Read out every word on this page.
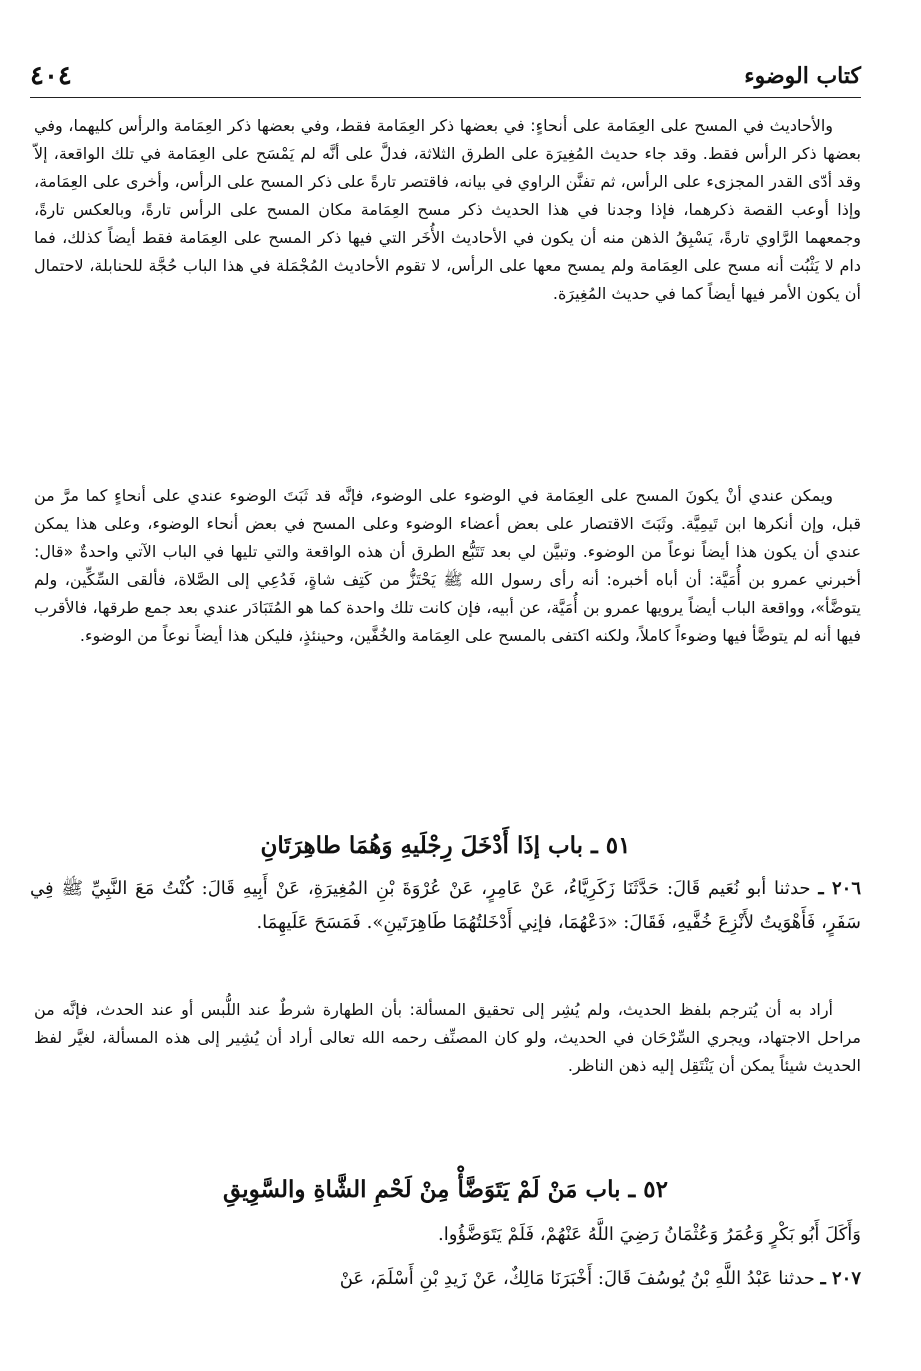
كتاب الوضوء
٤٠٤

والأحاديث في المسح على العِمَامة على أنحاءٍ: في بعضها ذكر العِمَامة فقط، وفي بعضها ذكر العِمَامة والرأس كليهما، وفي بعضها ذكر الرأس فقط. وقد جاء حديث المُغِيرَة على الطرق الثلاثة، فدلَّ على أنَّه لم يَمْسَح على العِمَامة في تلك الواقعة، إلاّ وقد أدّى القدر المجزىء على الرأس، ثم تفنَّن الراوي في بيانه، فاقتصر تارةً على ذكر المسح على الرأس، وأخرى على العِمَامة، وإذا أوعب القصة ذكرهما، فإذا وجدنا في هذا الحديث ذكر مسح العِمَامة مكان المسح على الرأس تارةً، وبالعكس تارةً، وجمعهما الرَّاوي تارةً، يَسْبِقُ الذهن منه أن يكون في الأحاديث الأُخَر التي فيها ذكر المسح على العِمَامة فقط أيضاً كذلك، فما دام لا يَثْبُت أنه مسح على العِمَامة ولم يمسح معها على الرأس، لا تقوم الأحاديث المُجْمَلة في هذا الباب حُجَّة للحنابلة، لاحتمال أن يكون الأمر فيها أيضاً كما في حديث المُغِيرَة.

ويمكن عندي أنْ يكونَ المسح على العِمَامة في الوضوء على الوضوء، فإنَّه قد ثَبَتَ الوضوء عندي على أنحاءٍ كما مرَّ من قبل، وإن أنكرها ابن تَيمِيَّة. وثَبَتَ الاقتصار على بعض أعضاء الوضوء وعلى المسح في بعض أنحاء الوضوء، وعلى هذا يمكن عندي أن يكون هذا أيضاً نوعاً من الوضوء. وتبيَّن لي بعد تَتَبُّع الطرق أن هذه الواقعة والتي تليها في الباب الآتي واحدةٌ «قال: أخبرني عمرو بن أُمَيَّة: أن أباه أخبره: أنه رأى رسول الله ﷺ يَحْتَزُّ من كَتِف شاةٍ، فَدُعِي إلى الصَّلاة، فألقى السِّكِّين، ولم يتوضَّأ»، وواقعة الباب أيضاً يرويها عمرو بن أُمَيَّة، عن أبيه، فإن كانت تلك واحدة كما هو المُتَبَادَر عندي بعد جمع طرقها، فالأقرب فيها أنه لم يتوضَّأ فيها وضوءاً كاملاً، ولكنه اكتفى بالمسح على العِمَامة والخُفَّين، وحينئذٍ، فليكن هذا أيضاً نوعاً من الوضوء.

٥١ ـ باب إذَا أَدْخَلَ رِجْلَيهِ وَهُمَا طاهِرَتَانِ

٢٠٦ ـ حدثنا أبو نُعَيم قَالَ: حَدَّثَنَا زَكَرِيَّاءُ، عَنْ عَامِرٍ، عَنْ عُرْوَةَ بْنِ المُغِيرَةِ، عَنْ أَبِيهِ قَالَ: كُنْتُ مَعَ النَّبِيِّ ﷺ فِي سَفَرٍ، فَأَهْوَيتُ لأَنْزِعَ خُفَّيهِ، فَقَالَ: «دَعْهُمَا، فإنِي أَدْخَلتُهُمَا طَاهِرَتَينِ». فَمَسَحَ عَلَيهِمَا.

أراد به أن يُترجم بلفظ الحديث، ولم يُشِر إلى تحقيق المسألة: بأن الطهارة شرطٌ عند اللُّبس أو عند الحدث، فإنَّه من مراحل الاجتهاد، ويجري السِّرْحَان في الحديث، ولو كان المصنِّف رحمه الله تعالى أراد أن يُشِير إلى هذه المسألة، لغيَّر لفظ الحديث شيئاً يمكن أن يَنْتَقِل إليه ذهن الناظر.

٥٢ ـ باب مَنْ لَمْ يَتَوَضَّأْ مِنْ لَحْمِ الشَّاةِ والسَّوِيقِ

وَأَكَلَ أَبُو بَكْرٍ وَعُمَرُ وَعُثْمَانُ رَضِيَ اللَّهُ عَنْهُمْ، فَلَمْ يَتَوَضَّؤُوا.

٢٠٧ ـ حدثنا عَبْدُ اللَّهِ بْنُ يُوسُفَ قَالَ: أَخْبَرَنَا مَالِكٌ، عَنْ زَيدِ بْنِ أَسْلَمَ، عَنْ
